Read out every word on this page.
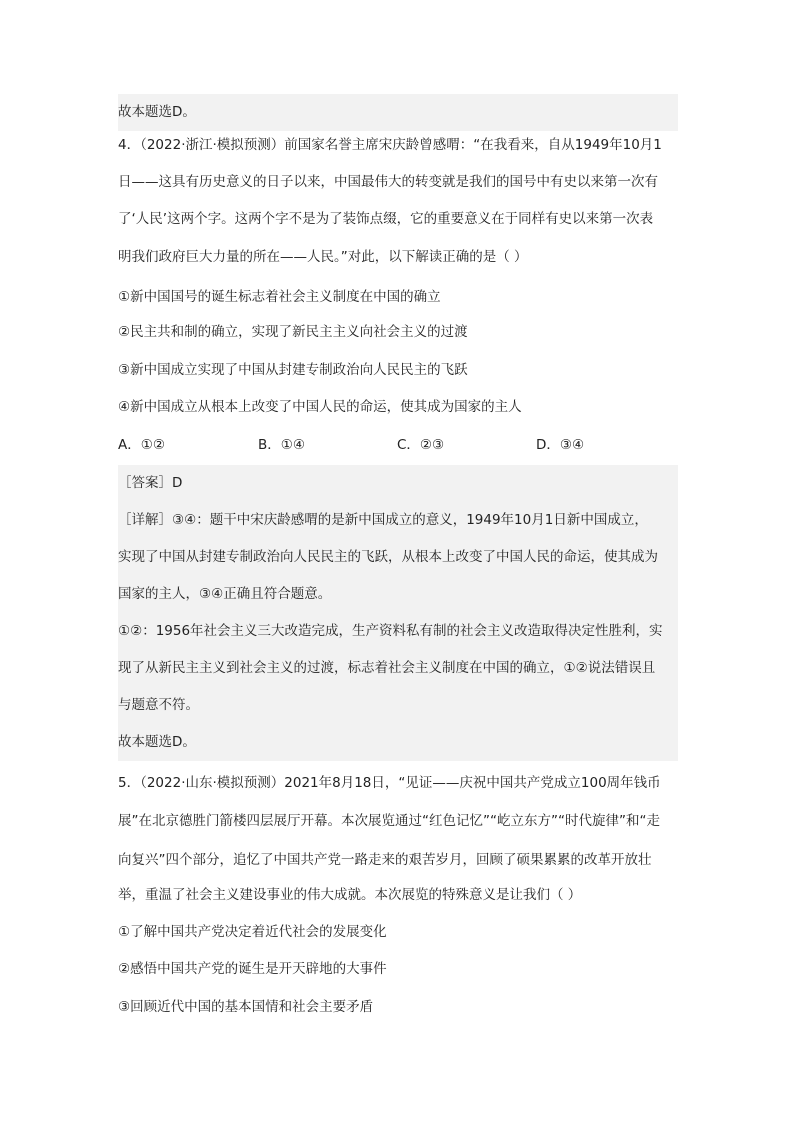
故本题选D。
4．（2022·浙江·模拟预测）前国家名誉主席宋庆龄曾感喟：“在我看来，自从1949年10月1
日——这具有历史意义的日子以来，中国最伟大的转变就是我们的国号中有史以来第一次有
了‘人民’这两个字。这两个字不是为了装饰点缀，它的重要意义在于同样有史以来第一次表
明我们政府巨大力量的所在——人民。”对此，以下解读正确的是（ ）
①新中国国号的诞生标志着社会主义制度在中国的确立
②民主共和制的确立，实现了新民主主义向社会主义的过渡
③新中国成立实现了中国从封建专制政治向人民民主的飞跃
④新中国成立从根本上改变了中国人民的命运，使其成为国家的主人
A．①②	B．①④	C．②③	D．③④
［答案］D
［详解］③④：题干中宋庆龄感喟的是新中国成立的意义，1949年10月1日新中国成立，
实现了中国从封建专制政治向人民民主的飞跃，从根本上改变了中国人民的命运，使其成为
国家的主人，③④正确且符合题意。
①②：1956年社会主义三大改造完成，生产资料私有制的社会主义改造取得决定性胜利，实
现了从新民主主义到社会主义的过渡，标志着社会主义制度在中国的确立，①②说法错误且
与题意不符。
故本题选D。
5．（2022·山东·模拟预测）2021年8月18日，“见证——庆祝中国共产党成立100周年钱币
展”在北京德胜门箭楼四层展厅开幕。本次展览通过“红色记忆”“屹立东方”“时代旋律”和“走
向复兴”四个部分，追忆了中国共产党一路走来的艰苦岁月，回顾了硕果累累的改革开放壮
举，重温了社会主义建设事业的伟大成就。本次展览的特殊意义是让我们（ ）
①了解中国共产党决定着近代社会的发展变化
②感悟中国共产党的诞生是开天辟地的大事件
③回顾近代中国的基本国情和社会主要矛盾
